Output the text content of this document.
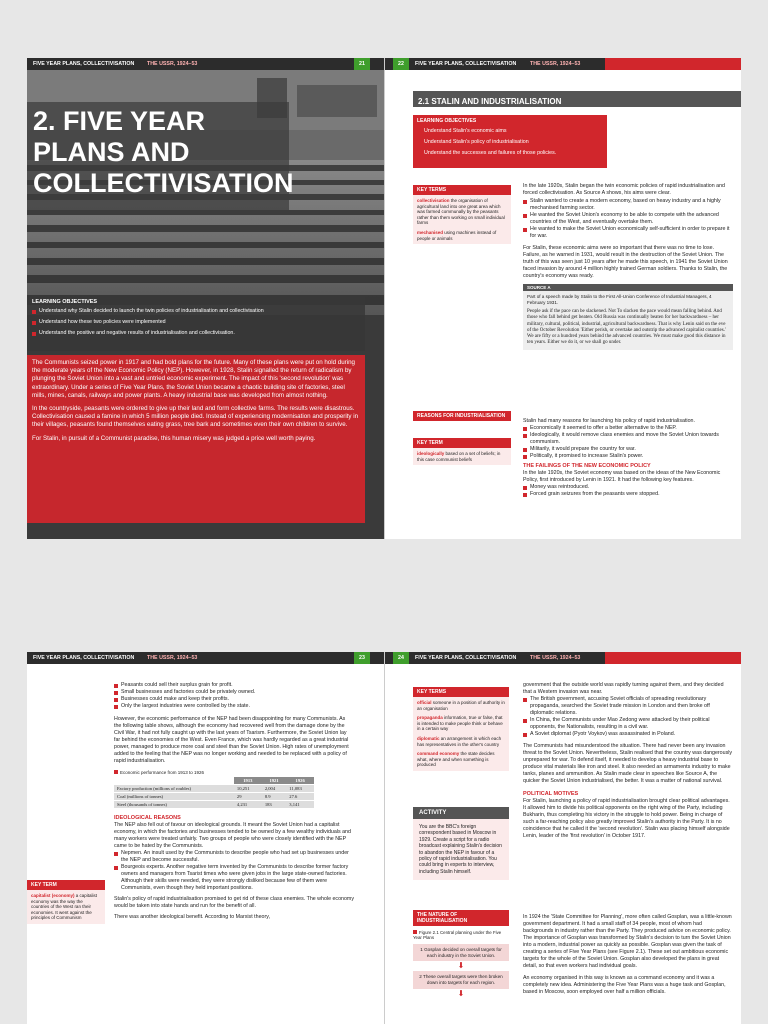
FIVE YEAR PLANS, COLLECTIVISATION THE USSR, 1924–53	21
2. FIVE YEAR
PLANS AND
COLLECTIVISATION
LEARNING OBJECTIVES
Understand why Stalin decided to launch the twin policies of industrialisation and collectivisation
Understand how these two policies were implemented
Understand the positive and negative results of industrialisation and collectivisation.

The Communists seized power in 1917 and had bold plans for the future. Many of these plans were put on hold during the moderate years of the New Economic Policy (NEP). However, in 1928, Stalin signalled the return of radicalism by plunging the Soviet Union into a vast and untried economic experiment. The impact of this 'second revolution' was extraordinary. Under a series of Five Year Plans, the Soviet Union became a chaotic building site of factories, steel mills, mines, canals, railways and power plants. A heavy industrial base was developed from almost nothing.

In the countryside, peasants were ordered to give up their land and form collective farms. The results were disastrous. Collectivisation caused a famine in which 5 million people died. Instead of experiencing modernisation and prosperity in their villages, peasants found themselves eating grass, tree bark and sometimes even their own children to survive.

For Stalin, in pursuit of a Communist paradise, this human misery was judged a price well worth paying.

22	FIVE YEAR PLANS, COLLECTIVISATION	THE USSR, 1924–53
2.1 STALIN AND INDUSTRIALISATION
LEARNING OBJECTIVES
Understand Stalin's economic aims
Understand Stalin's policy of industrialisation
Understand the successes and failures of those policies.
KEY TERMS
collectivisation the organisation of agricultural land into one great area which was farmed communally by the peasants rather than them working on small individual farms
mechanised using machines instead of people or animals

In the late 1920s, Stalin began the twin economic policies of rapid industrialisation and forced collectivisation. As Source A shows, his aims were clear.

Stalin wanted to create a modern economy, based on heavy industry and a highly mechanised farming sector.
He wanted the Soviet Union's economy to be able to compete with the advanced countries of the West, and eventually overtake them.
He wanted to make the Soviet Union economically self-sufficient in order to prepare it for war.

For Stalin, these economic aims were so important that there was no time to lose. Failure, as he warned in 1931, would result in the destruction of the Soviet Union. The truth of this was seen just 10 years after he made this speech, in 1941 the Soviet Union faced invasion by around 4 million highly trained German soldiers. Thanks to Stalin, the country's economy was ready.

SOURCE A

Part of a speech made by Stalin to the First All-Union Conference of Industrial Managers, 4 February 1931.

People ask if the pace can be slackened. Not To slacken the pace would mean falling behind. And those who fall behind get beaten. Old Russia was continually beaten for her backwardness – her military, cultural, political, industrial, agricultural backwardness. That is why Lenin said on the eve of the October Revolution 'Either perish, or overtake and outstrip the advanced capitalist countries.' We are fifty or a hundred years behind the advanced countries. We must make good this distance in ten years. Either we do it, or we shall go under.

REASONS FOR INDUSTRIALISATION
KEY TERM
ideologically based on a set of beliefs; in this case communist beliefs

Stalin had many reasons for launching his policy of rapid industrialisation.

Economically it seemed to offer a better alternative to the NEP.
Ideologically, it would remove class enemies and move the Soviet Union towards communism.
Militarily, it would prepare the country for war.
Politically, it promised to increase Stalin's power.
THE FAILINGS OF THE NEW ECONOMIC POLICY

In the late 1920s, the Soviet economy was based on the ideas of the New Economic Policy, first introduced by Lenin in 1921. It had the following key features.

Money was reintroduced.
Forced grain seizures from the peasants were stopped.
FIVE YEAR PLANS, COLLECTIVISATION THE USSR, 1924–53	23
Peasants could sell their surplus grain for profit.
Small businesses and factories could be privately owned.
Businesses could make and keep their profits.
Only the largest industries were controlled by the state.

However, the economic performance of the NEP had been disappointing for many Communists. As the following table shows, although the economy had recovered well from the damage done by the Civil War, it had not fully caught up with the last years of Tsarism. Furthermore, the Soviet Union lay far behind the economies of the West. Even France, which was hardly regarded as a great industrial power, managed to produce more coal and steel than the Soviet Union. High rates of unemployment added to the feeling that the NEP was no longer working and needed to be replaced with a policy of rapid industrialisation.

Economic performance from 1913 to 1926
	1913	1921	1926
Factory production (millions of roubles)	10,251	2,004	11,083
Coal (millions of tonnes)	29	8.9	27.6
Steel (thousands of tonnes)	4,231	183	3,141
IDEOLOGICAL REASONS

The NEP also fell out of favour on ideological grounds. It meant the Soviet Union had a capitalist economy, in which the factories and businesses tended to be owned by a few wealthy individuals and many workers were treated unfairly. Two groups of people who were closely identified with the NEP came to be hated by the Communists.

Nepmen. An insult used by the Communists to describe people who had set up businesses under the NEP and become successful.
Bourgeois experts. Another negative term invented by the Communists to describe former factory owners and managers from Tsarist times who were given jobs in the large state-owned factories. Although their skills were needed, they were strongly disliked because few of them were Communists, even though they held important positions.

Stalin's policy of rapid industrialisation promised to get rid of these class enemies. The whole economy would be taken into state hands and run for the benefit of all.

There was another ideological benefit. According to Marxist theory,

KEY TERM
capitalist (economy) a capitalist economy was the way the countries of the West ran their economies. It went against the principles of Communism
24	FIVE YEAR PLANS, COLLECTIVISATION	THE USSR, 1924–53
KEY TERMS
official someone in a position of authority in an organisation
propaganda information, true or false, that is intended to make people think or behave in a certain way
diplomatic an arrangement in which each has representatives in the other's country
command economy the state decides what, where and when something is produced
ACTIVITY
You are the BBC's foreign correspondent based in Moscow in 1929. Create a script for a radio broadcast explaining Stalin's decision to abandon the NEP in favour of a policy of rapid industrialisation. You could bring in experts to interview, including Stalin himself.
THE NATURE OF INDUSTRIALISATION
Figure 2.1 Central planning under the Five Year Plans
1 Gosplan decided on overall targets for each industry in the Soviet Union.
⬇
2 These overall targets were then broken down into targets for each region.
⬇

government that the outside world was rapidly turning against them, and they decided that a Western invasion was near.

The British government, accusing Soviet officials of spreading revolutionary propaganda, searched the Soviet trade mission in London and then broke off diplomatic relations.
In China, the Communists under Mao Zedong were attacked by their political opponents, the Nationalists, resulting in a civil war.
A Soviet diplomat (Pyotr Voykov) was assassinated in Poland.

The Communists had misunderstood the situation. There had never been any invasion threat to the Soviet Union. Nevertheless, Stalin realised that the country was dangerously unprepared for war. To defend itself, it needed to develop a heavy industrial base to produce vital materials like iron and steel. It also needed an armaments industry to make tanks, planes and ammunition. As Stalin made clear in speeches like Source A, the quicker the Soviet Union industrialised, the better. It was a matter of national survival.

POLITICAL MOTIVES

For Stalin, launching a policy of rapid industrialisation brought clear political advantages. It allowed him to divide his political opponents on the right wing of the Party, including Bukharin, thus completing his victory in the struggle to hold power. Being in charge of such a far-reaching policy also greatly improved Stalin's authority in the Party. It is no coincidence that he called it the 'second revolution'. Stalin was placing himself alongside Lenin, leader of the 'first revolution' in October 1917.

In 1924 the 'State Committee for Planning', more often called Gosplan, was a little-known government department. It had a small staff of 34 people, most of whom had backgrounds in industry rather than the Party. They produced advice on economic policy. The importance of Gosplan was transformed by Stalin's decision to turn the Soviet Union into a modern, industrial power as quickly as possible. Gosplan was given the task of creating a series of Five Year Plans (see Figure 2.1). These set out ambitious economic targets for the whole of the Soviet Union. Gosplan also developed the plans in great detail, so that even workers had individual goals.

An economy organised in this way is known as a command economy and it was a completely new idea. Administering the Five Year Plans was a huge task and Gosplan, based in Moscow, soon employed over half a million officials.
